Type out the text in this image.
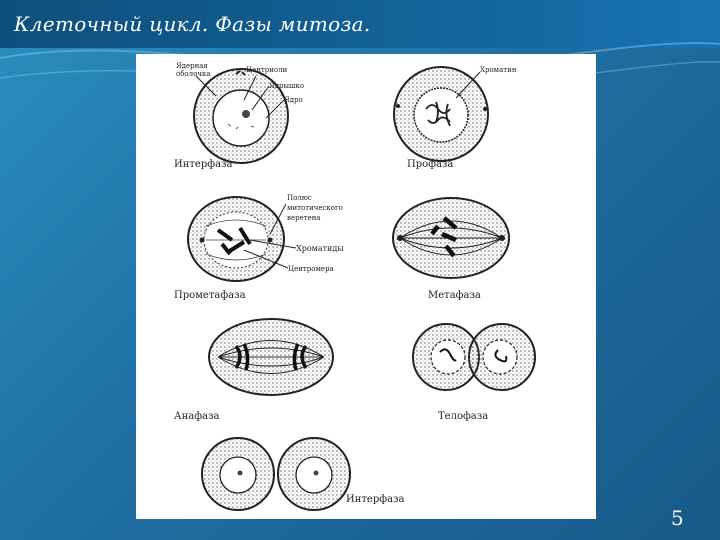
Клеточный цикл. Фазы митоза.
Ядерная
оболочка	Центриоли
Ядрышко
Ядро
Интерфаза
Хроматин
Профаза
Полюс
митотического
веретена
Хроматиды
Центромера
Прометафаза	Метафаза
Анафаза	Телофаза
Интерфаза
5
